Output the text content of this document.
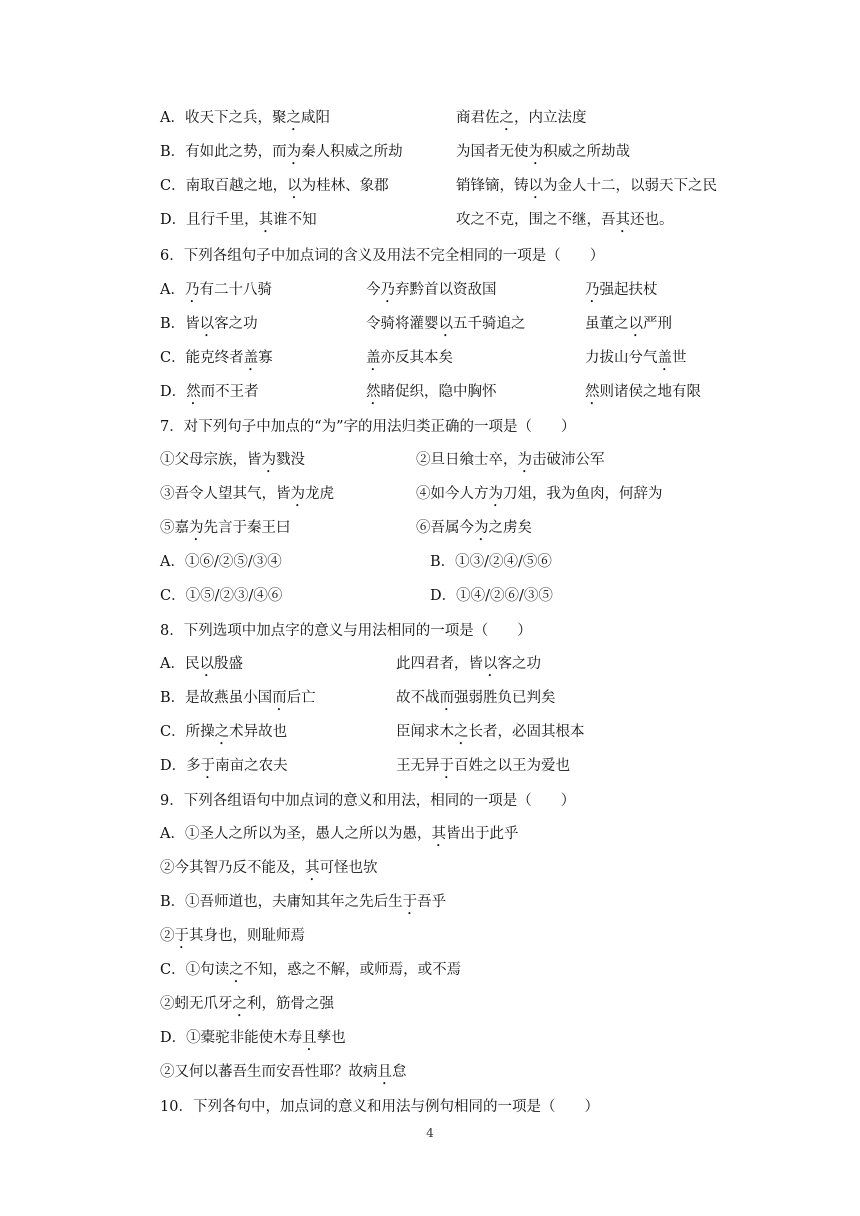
4
A．收天下之兵，聚之咸阳	商君佐之，内立法度
B．有如此之势，而为秦人积威之所劫	为国者无使为积威之所劫哉
C．南取百越之地，以为桂林、象郡	销锋镝，铸以为金人十二，以弱天下之民
D．且行千里，其谁不知	攻之不克，围之不继，吾其还也。
6．下列各组句子中加点词的含义及用法不完全相同的一项是（　　）
A．乃有二十八骑	今乃弃黔首以资敌国	乃强起扶杖
B．皆以客之功	令骑将灌婴以五千骑追之	虽董之以严刑
C．能克终者盖寡	盖亦反其本矣	力拔山兮气盖世
D．然而不王者	然睹促织，隐中胸怀	然则诸侯之地有限
7．对下列句子中加点的“为”字的用法归类正确的一项是（　　）
①父母宗族，皆为戮没	②旦日飨士卒，为击破沛公军
③吾令人望其气，皆为龙虎	④如今人方为刀俎，我为鱼肉，何辞为
⑤嘉为先言于秦王曰	⑥吾属今为之虏矣
A．①⑥/②⑤/③④	B．①③/②④/⑤⑥
C．①⑤/②③/④⑥	D．①④/②⑥/③⑤
8．下列选项中加点字的意义与用法相同的一项是（　　）
A．民以殷盛	此四君者，皆以客之功
B．是故燕虽小国而后亡	故不战而强弱胜负已判矣
C．所操之术异故也	臣闻求木之长者，必固其根本
D．多于南亩之农夫	王无异于百姓之以王为爱也
9．下列各组语句中加点词的意义和用法，相同的一项是（　　）
A．①圣人之所以为圣，愚人之所以为愚，其皆出于此乎
②今其智乃反不能及，其可怪也欤
B．①吾师道也，夫庸知其年之先后生于吾乎
②于其身也，则耻师焉
C．①句读之不知，惑之不解，或师焉，或不焉
②蚓无爪牙之利，筋骨之强
D．①橐驼非能使木寿且孳也
②又何以蕃吾生而安吾性耶？故病且怠
10．下列各句中，加点词的意义和用法与例句相同的一项是（　　）
